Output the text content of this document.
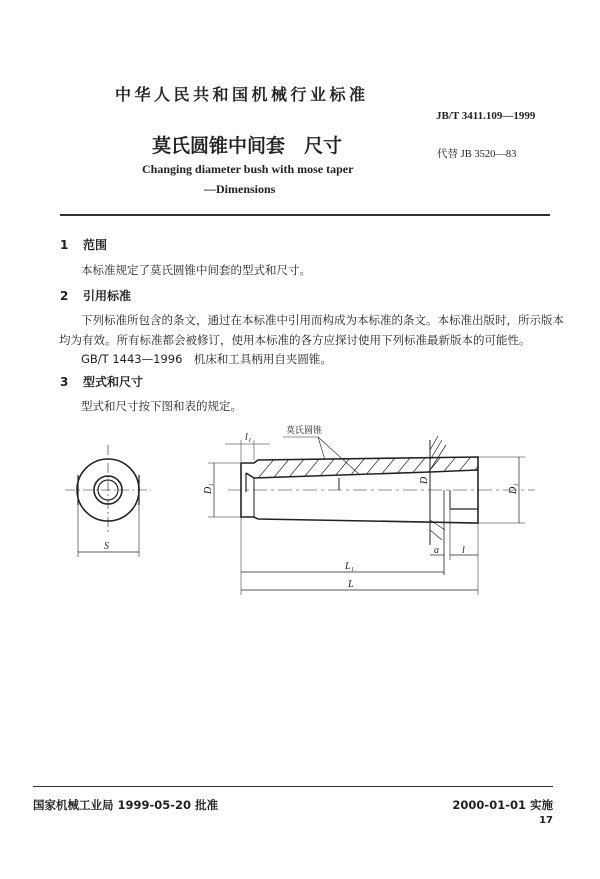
中华人民共和国机械行业标准
JB/T 3411.109—1999
莫氏圆锥中间套　尺寸	代替 JB 3520—83
Changing diameter bush with mose taper
—Dimensions
1 范围
本标准规定了莫氏圆锥中间套的型式和尺寸。
2 引用标准
下列标准所包含的条文，通过在本标准中引用而构成为本标准的条文。本标准出版时，所示版本
均为有效。所有标准都会被修订，使用本标准的各方应探讨使用下列标准最新版本的可能性。
GB/T 1443—1996　机床和工具柄用自夹圆锥。
3 型式和尺寸
型式和尺寸按下图和表的规定。
S
莫氏圆锥
l₁
D₁
D
D₁
a l
L₁
L
国家机械工业局 1999-05-20 批准	2000-01-01 实施
17
